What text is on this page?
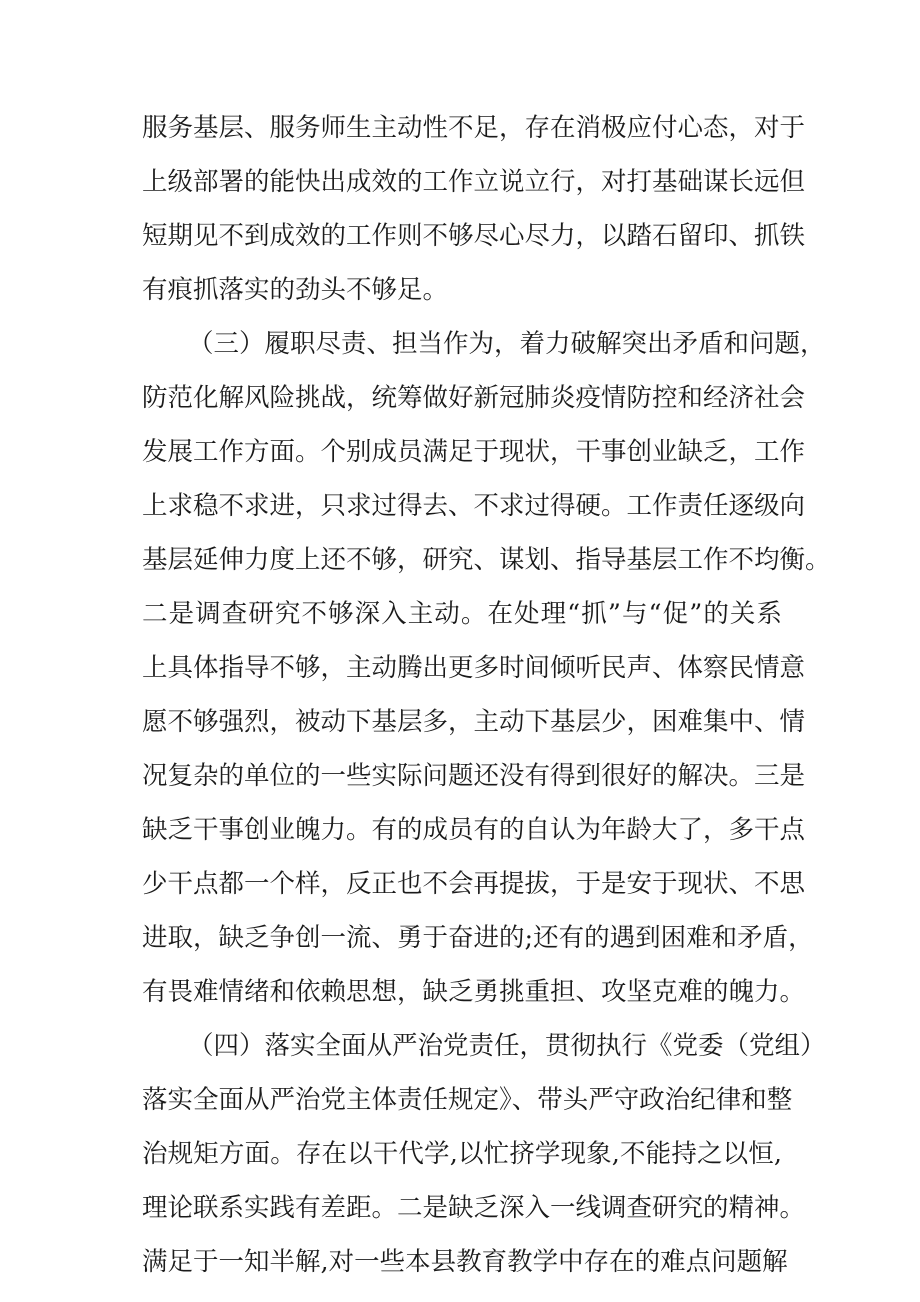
服务基层、服务师生主动性不足，存在消极应付心态，对于
上级部署的能快出成效的工作立说立行，对打基础谋长远但
短期见不到成效的工作则不够尽心尽力，以踏石留印、抓铁
有痕抓落实的劲头不够足。
（三）履职尽责、担当作为，着力破解突出矛盾和问题，
防范化解风险挑战，统筹做好新冠肺炎疫情防控和经济社会
发展工作方面。个别成员满足于现状，干事创业缺乏，工作
上求稳不求进，只求过得去、不求过得硬。工作责任逐级向
基层延伸力度上还不够，研究、谋划、指导基层工作不均衡。
二是调查研究不够深入主动。在处理“抓”与“促”的关系
上具体指导不够，主动腾出更多时间倾听民声、体察民情意
愿不够强烈，被动下基层多，主动下基层少，困难集中、情
况复杂的单位的一些实际问题还没有得到很好的解决。三是
缺乏干事创业魄力。有的成员有的自认为年龄大了，多干点
少干点都一个样，反正也不会再提拔，于是安于现状、不思
进取，缺乏争创一流、勇于奋进的;还有的遇到困难和矛盾，
有畏难情绪和依赖思想，缺乏勇挑重担、攻坚克难的魄力。
（四）落实全面从严治党责任，贯彻执行《党委（党组）
落实全面从严治党主体责任规定》、带头严守政治纪律和整
治规矩方面。存在以干代学,以忙挤学现象,不能持之以恒,
理论联系实践有差距。二是缺乏深入一线调查研究的精神。
满足于一知半解,对一些本县教育教学中存在的难点问题解
